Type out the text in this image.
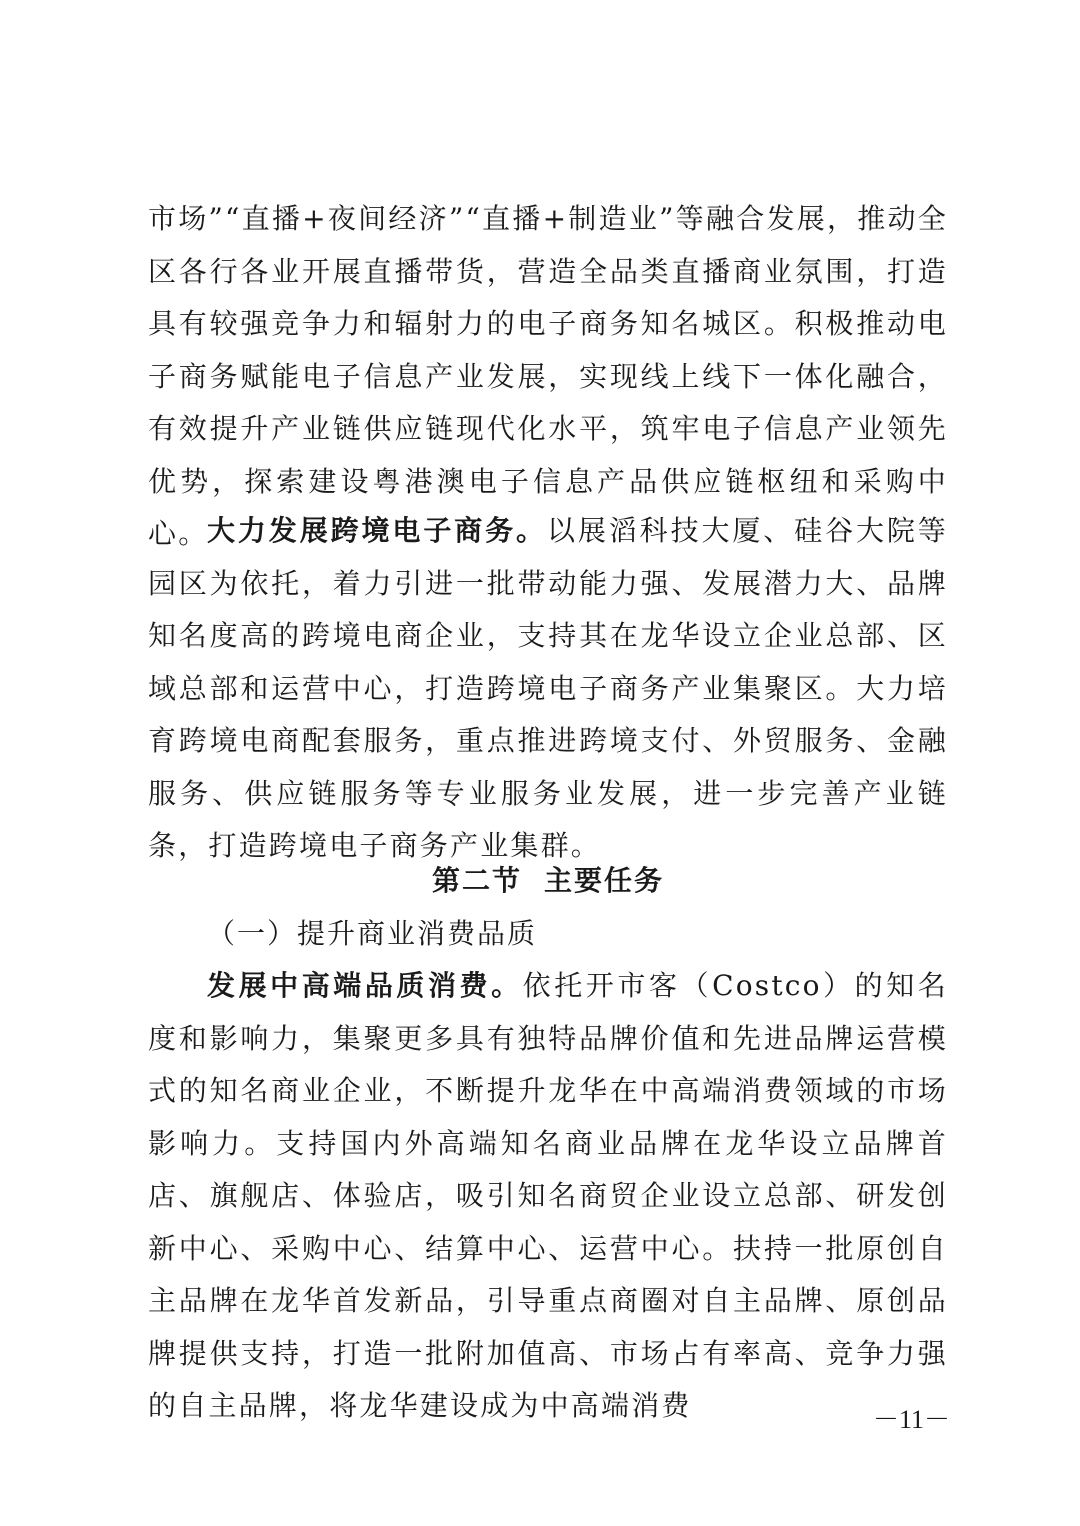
市场”“直播+夜间经济”“直播+制造业”等融合发展，推动全区各行各业开展直播带货，营造全品类直播商业氛围，打造具有较强竞争力和辐射力的电子商务知名城区。积极推动电子商务赋能电子信息产业发展，实现线上线下一体化融合，有效提升产业链供应链现代化水平，筑牢电子信息产业领先优势，探索建设粤港澳电子信息产品供应链枢纽和采购中心。
大力发展跨境电子商务。以展滔科技大厦、硅谷大院等园区为依托，着力引进一批带动能力强、发展潜力大、品牌知名度高的跨境电商企业，支持其在龙华设立企业总部、区域总部和运营中心，打造跨境电子商务产业集聚区。大力培育跨境电商配套服务，重点推进跨境支付、外贸服务、金融服务、供应链服务等专业服务业发展，进一步完善产业链条，打造跨境电子商务产业集群。
第二节 主要任务
（一）提升商业消费品质
发展中高端品质消费。依托开市客（Costco）的知名度和影响力，集聚更多具有独特品牌价值和先进品牌运营模式的知名商业企业，不断提升龙华在中高端消费领域的市场影响力。支持国内外高端知名商业品牌在龙华设立品牌首店、旗舰店、体验店，吸引知名商贸企业设立总部、研发创新中心、采购中心、结算中心、运营中心。扶持一批原创自主品牌在龙华首发新品，引导重点商圈对自主品牌、原创品牌提供支持，打造一批附加值高、市场占有率高、竞争力强的自主品牌，将龙华建设成为中高端消费	－11－
